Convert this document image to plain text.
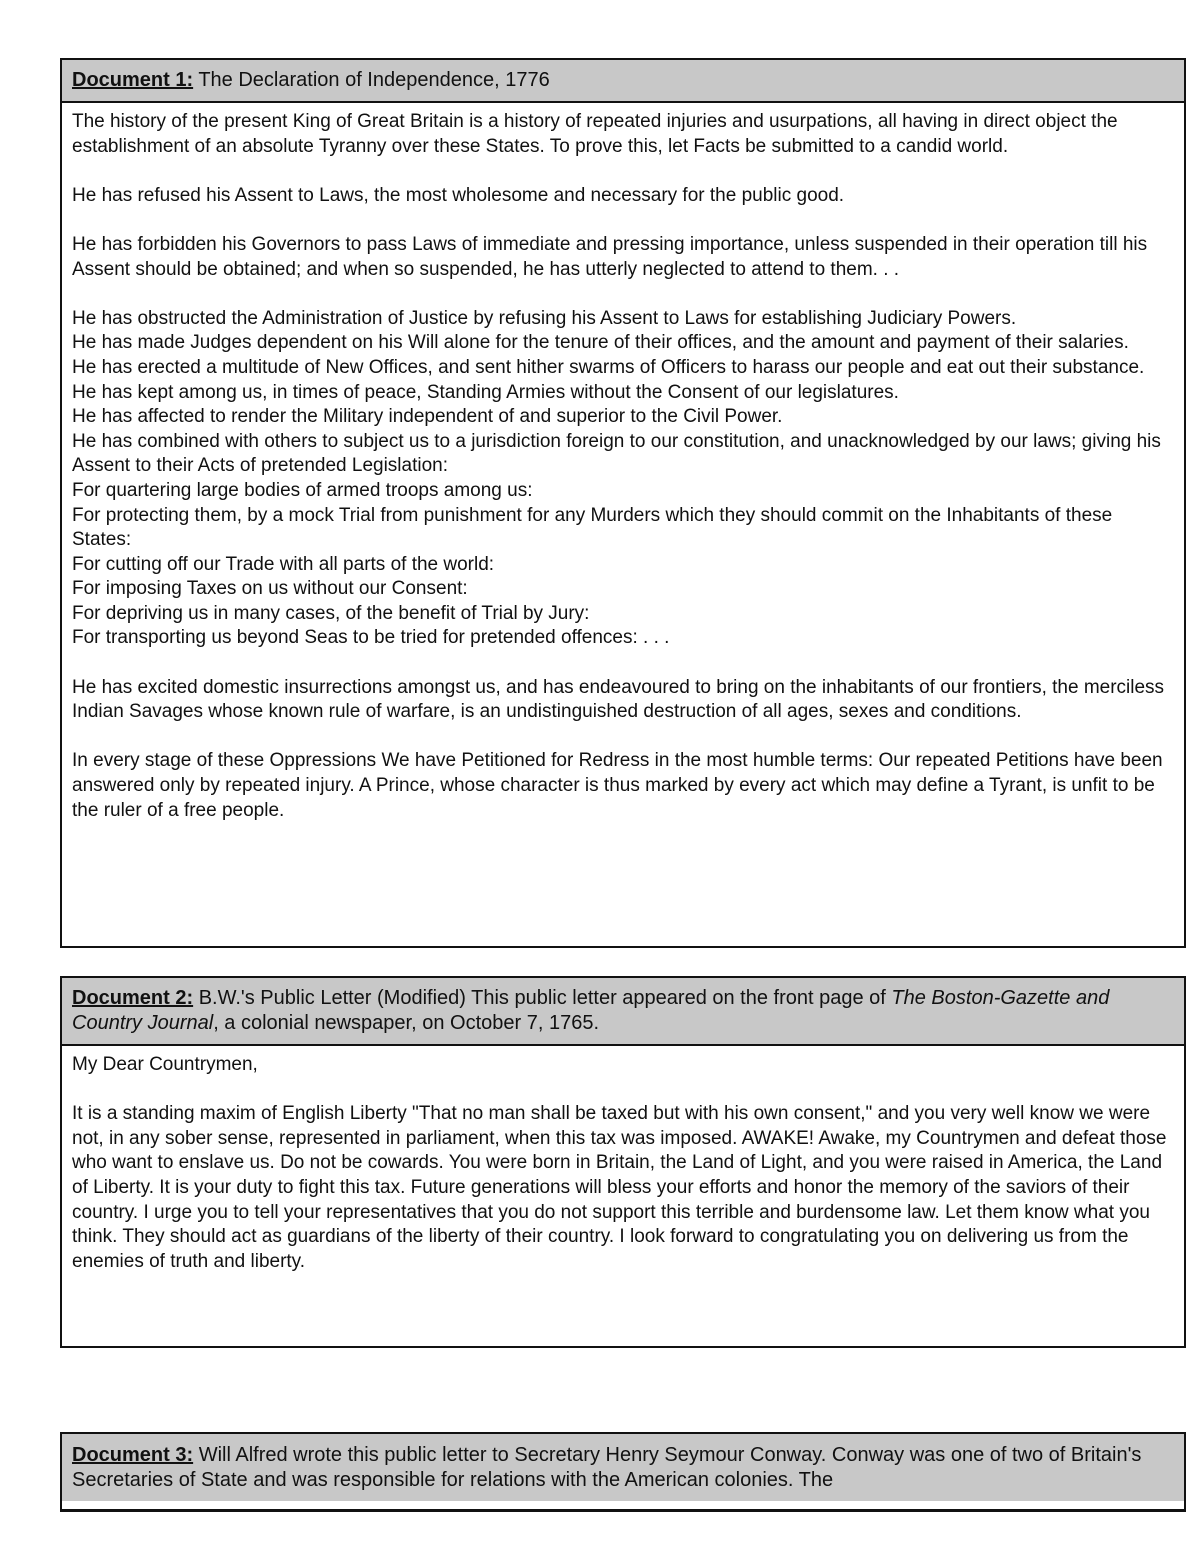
Document 1: The Declaration of Independence, 1776

The history of the present King of Great Britain is a history of repeated injuries and usurpations, all having in direct object the establishment of an absolute Tyranny over these States. To prove this, let Facts be submitted to a candid world.

He has refused his Assent to Laws, the most wholesome and necessary for the public good.

He has forbidden his Governors to pass Laws of immediate and pressing importance, unless suspended in their operation till his Assent should be obtained; and when so suspended, he has utterly neglected to attend to them. . .

He has obstructed the Administration of Justice by refusing his Assent to Laws for establishing Judiciary Powers.
He has made Judges dependent on his Will alone for the tenure of their offices, and the amount and payment of their salaries.
He has erected a multitude of New Offices, and sent hither swarms of Officers to harass our people and eat out their substance.
He has kept among us, in times of peace, Standing Armies without the Consent of our legislatures.
He has affected to render the Military independent of and superior to the Civil Power.
He has combined with others to subject us to a jurisdiction foreign to our constitution, and unacknowledged by our laws; giving his Assent to their Acts of pretended Legislation:
For quartering large bodies of armed troops among us:
For protecting them, by a mock Trial from punishment for any Murders which they should commit on the Inhabitants of these States:
For cutting off our Trade with all parts of the world:
For imposing Taxes on us without our Consent:
For depriving us in many cases, of the benefit of Trial by Jury:
For transporting us beyond Seas to be tried for pretended offences: . . .

He has excited domestic insurrections amongst us, and has endeavoured to bring on the inhabitants of our frontiers, the merciless Indian Savages whose known rule of warfare, is an undistinguished destruction of all ages, sexes and conditions.

In every stage of these Oppressions We have Petitioned for Redress in the most humble terms: Our repeated Petitions have been answered only by repeated injury. A Prince, whose character is thus marked by every act which may define a Tyrant, is unfit to be the ruler of a free people.

Document 2: B.W.'s Public Letter (Modified) This public letter appeared on the front page of The Boston-Gazette and Country Journal, a colonial newspaper, on October 7, 1765.

My Dear Countrymen,

It is a standing maxim of English Liberty "That no man shall be taxed but with his own consent," and you very well know we were not, in any sober sense, represented in parliament, when this tax was imposed. AWAKE! Awake, my Countrymen and defeat those who want to enslave us. Do not be cowards. You were born in Britain, the Land of Light, and you were raised in America, the Land of Liberty. It is your duty to fight this tax. Future generations will bless your efforts and honor the memory of the saviors of their country. I urge you to tell your representatives that you do not support this terrible and burdensome law. Let them know what you think. They should act as guardians of the liberty of their country. I look forward to congratulating you on delivering us from the enemies of truth and liberty.

Document 3: Will Alfred wrote this public letter to Secretary Henry Seymour Conway. Conway was one of two of Britain's Secretaries of State and was responsible for relations with the American colonies. The
